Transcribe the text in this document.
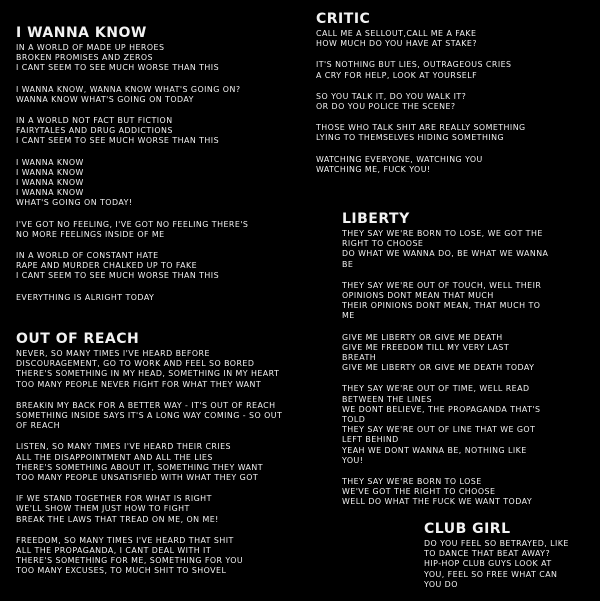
I WANNA KNOW
IN A WORLD OF MADE UP HEROES
BROKEN PROMISES AND ZEROS
I CANT SEEM TO SEE MUCH WORSE THAN THIS
I WANNA KNOW, WANNA KNOW WHAT'S GOING ON?
WANNA KNOW WHAT'S GOING ON TODAY
IN A WORLD NOT FACT BUT FICTION
FAIRYTALES AND DRUG ADDICTIONS
I CANT SEEM TO SEE MUCH WORSE THAN THIS
I WANNA KNOW
I WANNA KNOW
I WANNA KNOW
I WANNA KNOW
WHAT'S GOING ON TODAY!
I'VE GOT NO FEELING, I'VE GOT NO FEELING THERE'S
NO MORE FEELINGS INSIDE OF ME
IN A WORLD OF CONSTANT HATE
RAPE AND MURDER CHALKED UP TO FAKE
I CANT SEEM TO SEE MUCH WORSE THAN THIS
EVERYTHING IS ALRIGHT TODAY
OUT OF REACH
NEVER, SO MANY TIMES I'VE HEARD BEFORE
DISCOURAGEMENT, GO TO WORK AND FEEL SO BORED
THERE'S SOMETHING IN MY HEAD, SOMETHING IN MY HEART
TOO MANY PEOPLE NEVER FIGHT FOR WHAT THEY WANT
BREAKIN MY BACK FOR A BETTER WAY - IT'S OUT OF REACH
SOMETHING INSIDE SAYS IT'S A LONG WAY COMING - SO OUT
OF REACH
LISTEN, SO MANY TIMES I'VE HEARD THEIR CRIES
ALL THE DISAPPOINTMENT AND ALL THE LIES
THERE'S SOMETHING ABOUT IT, SOMETHING THEY WANT
TOO MANY PEOPLE UNSATISFIED WITH WHAT THEY GOT
IF WE STAND TOGETHER FOR WHAT IS RIGHT
WE'LL SHOW THEM JUST HOW TO FIGHT
BREAK THE LAWS THAT TREAD ON ME, ON ME!
FREEDOM, SO MANY TIMES I'VE HEARD THAT SHIT
ALL THE PROPAGANDA, I CANT DEAL WITH IT
THERE'S SOMETHING FOR ME, SOMETHING FOR YOU
TOO MANY EXCUSES, TO MUCH SHIT TO SHOVEL
CRITIC
CALL ME A SELLOUT,CALL ME A FAKE
HOW MUCH DO YOU HAVE AT STAKE?
IT'S NOTHING BUT LIES, OUTRAGEOUS CRIES
A CRY FOR HELP, LOOK AT YOURSELF
SO YOU TALK IT, DO YOU WALK IT?
OR DO YOU POLICE THE SCENE?
THOSE WHO TALK SHIT ARE REALLY SOMETHING
LYING TO THEMSELVES HIDING SOMETHING
WATCHING EVERYONE, WATCHING YOU
WATCHING ME, FUCK YOU!
LIBERTY
THEY SAY WE'RE BORN TO LOSE, WE GOT THE
RIGHT TO CHOOSE
DO WHAT WE WANNA DO, BE WHAT WE WANNA
BE
THEY SAY WE'RE OUT OF TOUCH, WELL THEIR
OPINIONS DONT MEAN THAT MUCH
THEIR OPINIONS DONT MEAN, THAT MUCH TO
ME
GIVE ME LIBERTY OR GIVE ME DEATH
GIVE ME FREEDOM TILL MY VERY LAST
BREATH
GIVE ME LIBERTY OR GIVE ME DEATH TODAY
THEY SAY WE'RE OUT OF TIME, WELL READ
BETWEEN THE LINES
WE DONT BELIEVE, THE PROPAGANDA THAT'S
TOLD
THEY SAY WE'RE OUT OF LINE THAT WE GOT
LEFT BEHIND
YEAH WE DONT WANNA BE, NOTHING LIKE
YOU!
THEY SAY WE'RE BORN TO LOSE
WE'VE GOT THE RIGHT TO CHOOSE
WELL DO WHAT THE FUCK WE WANT TODAY
CLUB GIRL
DO YOU FEEL SO BETRAYED, LIKE
TO DANCE THAT BEAT AWAY?
HIP-HOP CLUB GUYS LOOK AT
YOU, FEEL SO FREE WHAT CAN
YOU DO
